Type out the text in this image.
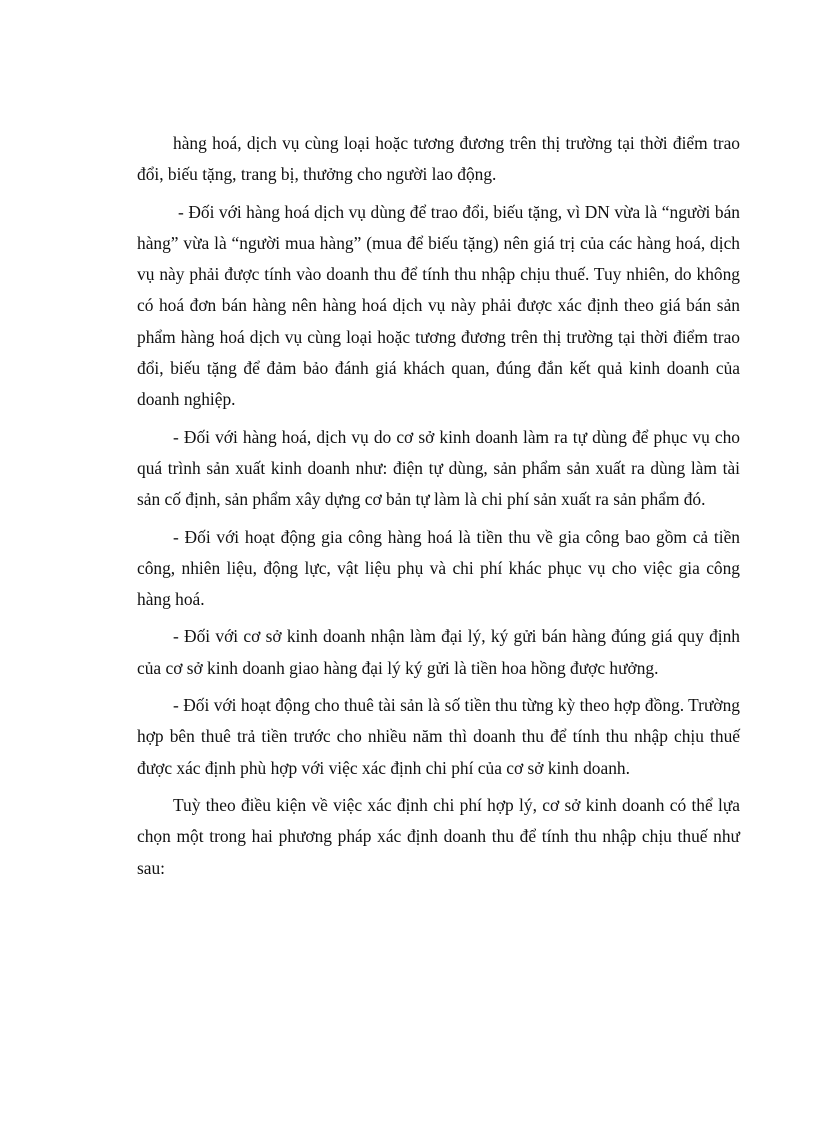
hàng hoá, dịch vụ cùng loại hoặc tương đương trên thị trường tại thời điểm trao đổi, biếu tặng, trang bị, thưởng cho người lao động.

- Đối với hàng hoá dịch vụ dùng để trao đổi, biếu tặng, vì DN vừa là “người bán hàng” vừa là “người mua hàng” (mua để biếu tặng) nên giá trị của các hàng hoá, dịch vụ này phải được tính vào doanh thu để tính thu nhập chịu thuế. Tuy nhiên, do không có hoá đơn bán hàng nên hàng hoá dịch vụ này phải được xác định theo giá bán sản phẩm hàng hoá dịch vụ cùng loại hoặc tương đương trên thị trường tại thời điểm trao đổi, biếu tặng để đảm bảo đánh giá khách quan, đúng đắn kết quả kinh doanh của doanh nghiệp.

- Đối với hàng hoá, dịch vụ do cơ sở kinh doanh làm ra tự dùng để phục vụ cho quá trình sản xuất kinh doanh như: điện tự dùng, sản phẩm sản xuất ra dùng làm tài sản cố định, sản phẩm xây dựng cơ bản tự làm là chi phí sản xuất ra sản phẩm đó.

- Đối với hoạt động gia công hàng hoá là tiền thu về gia công bao gồm cả tiền công, nhiên liệu, động lực, vật liệu phụ và chi phí khác phục vụ cho việc gia công hàng hoá.

- Đối với cơ sở kinh doanh nhận làm đại lý, ký gửi bán hàng đúng giá quy định của cơ sở kinh doanh giao hàng đại lý ký gửi là tiền hoa hồng được hưởng.

- Đối với hoạt động cho thuê tài sản là số tiền thu từng kỳ theo hợp đồng. Trường hợp bên thuê trả tiền trước cho nhiều năm thì doanh thu để tính thu nhập chịu thuế được xác định phù hợp với việc xác định chi phí của cơ sở kinh doanh.

Tuỳ theo điều kiện về việc xác định chi phí hợp lý, cơ sở kinh doanh có thể lựa chọn một trong hai phương pháp xác định doanh thu để tính thu nhập chịu thuế như sau:
